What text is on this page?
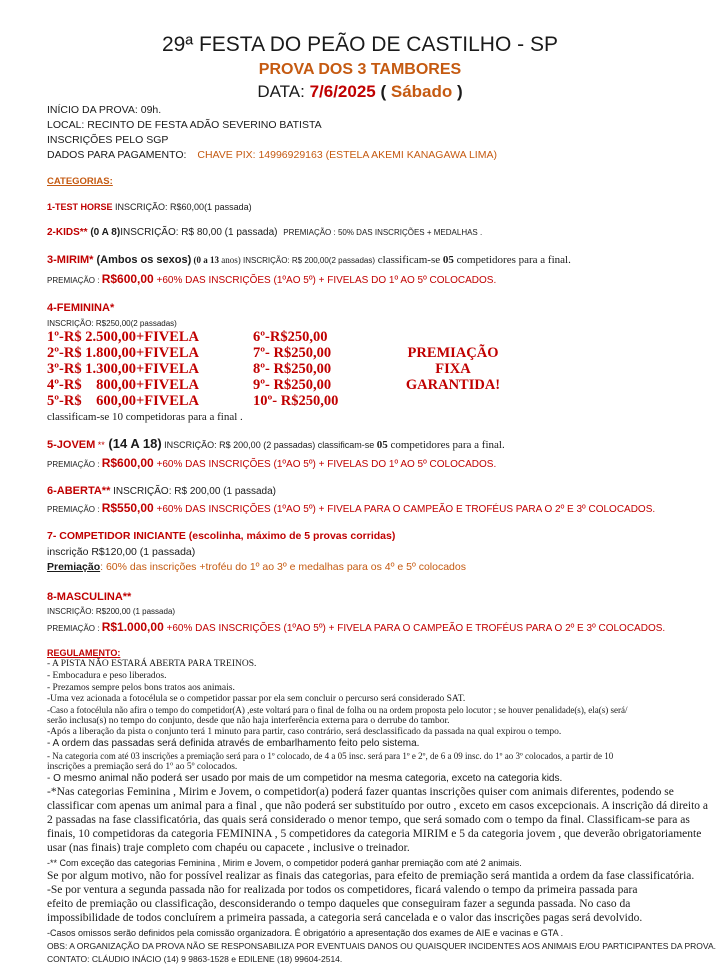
29ª FESTA DO PEÃO DE CASTILHO - SP
PROVA DOS 3 TAMBORES
DATA: 7/6/2025 ( Sábado )
INÍCIO DA PROVA: 09h.
LOCAL: RECINTO DE FESTA ADÃO SEVERINO BATISTA
INSCRIÇÕES PELO SGP
DADOS PARA PAGAMENTO: CHAVE PIX: 14996929163 (ESTELA AKEMI KANAGAWA LIMA)
CATEGORIAS:
1-TEST HORSE INSCRIÇÃO: R$60,00(1 passada)
2-KIDS** (0 A 8)INSCRIÇÃO: R$ 80,00 (1 passada) PREMIAÇÃO : 50% DAS INSCRIÇÕES + MEDALHAS .
3-MIRIM* (Ambos os sexos) (0 a 13 anos) INSCRIÇÃO: R$ 200,00(2 passadas) classificam-se 05 competidores para a final.
PREMIAÇÃO : R$600,00 +60% DAS INSCRIÇÕES (1ºAO 5º) + FIVELAS DO 1º AO 5º COLOCADOS.
4-FEMININA*
INSCRIÇÃO: R$250,00(2 passadas)
1º-R$ 2.500,00+FIVELA
2º-R$ 1.800,00+FIVELA
3º-R$ 1.300,00+FIVELA
4º-R$    800,00+FIVELA
5º-R$    600,00+FIVELA
6º-R$250,00
7º- R$250,00
8º- R$250,00
9º- R$250,00
10º- R$250,00
PREMIAÇÃO
FIXA
GARANTIDA!
classificam-se 10 competidoras para a final .
5-JOVEM ** (14 A 18) INSCRIÇÃO: R$ 200,00 (2 passadas) classificam-se 05 competidores para a final.
PREMIAÇÃO : R$600,00 +60% DAS INSCRIÇÕES (1ºAO 5º) + FIVELAS DO 1º AO 5º COLOCADOS.
6-ABERTA** INSCRIÇÃO: R$ 200,00 (1 passada)
PREMIAÇÃO : R$550,00 +60% DAS INSCRIÇÕES (1ºAO 5º) + FIVELA PARA O CAMPEÃO E TROFÉUS PARA O 2º E 3º COLOCADOS.
7- COMPETIDOR INICIANTE (escolinha, máximo de 5 provas corridas)
inscrição R$120,00 (1 passada)
Premiação: 60% das inscrições +troféu do 1º ao 3º e medalhas para os 4º e 5º colocados
8-MASCULINA**
INSCRIÇÃO: R$200,00 (1 passada)
PREMIAÇÃO : R$1.000,00 +60% DAS INSCRIÇÕES (1ºAO 5º) + FIVELA PARA O CAMPEÃO E TROFÉUS PARA O 2º E 3º COLOCADOS.
REGULAMENTO:
- A PISTA NÃO ESTARÁ ABERTA PARA TREINOS.
- Embocadura e peso liberados.
- Prezamos sempre pelos bons tratos aos animais.
-Uma vez acionada a fotocélula se o competidor passar por ela sem concluir o percurso será considerado SAT.
-Caso a fotocélula não afira o tempo do competidor(A) ,este voltará para o final de folha ou na ordem proposta pelo locutor ; se houver penalidade(s), ela(s) será/
serão inclusa(s) no tempo do conjunto, desde que não haja interferência externa para o derrube do tambor.
-Após a liberação da pista o conjunto terá 1 minuto para partir, caso contrário, será desclassificado da passada na qual expirou o tempo.
- A ordem das passadas será definida através de embarlhamento feito pelo sistema.
- Na categoria com até 03 inscrições a premiação será para o 1º colocado, de 4 a 05 insc. será para 1º e 2º, de 6 a 09 insc. do 1º ao 3º colocados, a partir de 10
inscrições a premiação será do 1º ao 5º colocados.
- O mesmo animal não poderá ser usado por mais de um competidor na mesma categoria, exceto na categoria kids.
-*Nas categorias Feminina , Mirim e Jovem, o competidor(a) poderá fazer quantas inscrições quiser com animais diferentes, podendo se
classificar com apenas um animal para a final , que não poderá ser substituído por outro , exceto em casos excepcionais. A inscrição dá direito a
2 passadas na fase classificatória, das quais será considerado o menor tempo, que será somado com o tempo da final. Classificam-se para as
finais, 10 competidoras da categoria FEMININA , 5 competidores da categoria MIRIM e 5 da categoria jovem , que deverão obrigatoriamente
usar (nas finais) traje completo com chapéu ou capacete , inclusive o treinador.
-** Com exceção das categorias Feminina , Mirim e Jovem, o competidor poderá ganhar premiação com até 2 animais.
Se por algum motivo, não for possível realizar as finais das categorias, para efeito de premiação será mantida a ordem da fase classificatória.
-Se por ventura a segunda passada não for realizada por todos os competidores, ficará valendo o tempo da primeira passada para
efeito de premiação ou classificação, desconsiderando o tempo daqueles que conseguiram fazer a segunda passada. No caso da
impossibilidade de todos concluírem a primeira passada, a categoria será cancelada e o valor das inscrições pagas será devolvido.
-Casos omissos serão definidos pela comissão organizadora. É obrigatório a apresentação dos exames de AIE e vacinas e GTA .
OBS: A ORGANIZAÇÃO DA PROVA NÃO SE RESPONSABILIZA POR EVENTUAIS DANOS OU QUAISQUER INCIDENTES AOS ANIMAIS E/OU PARTICIPANTES DA PROVA.
CONTATO: CLÁUDIO INÁCIO (14) 9 9863-1528 e EDILENE (18) 99604-2514.
